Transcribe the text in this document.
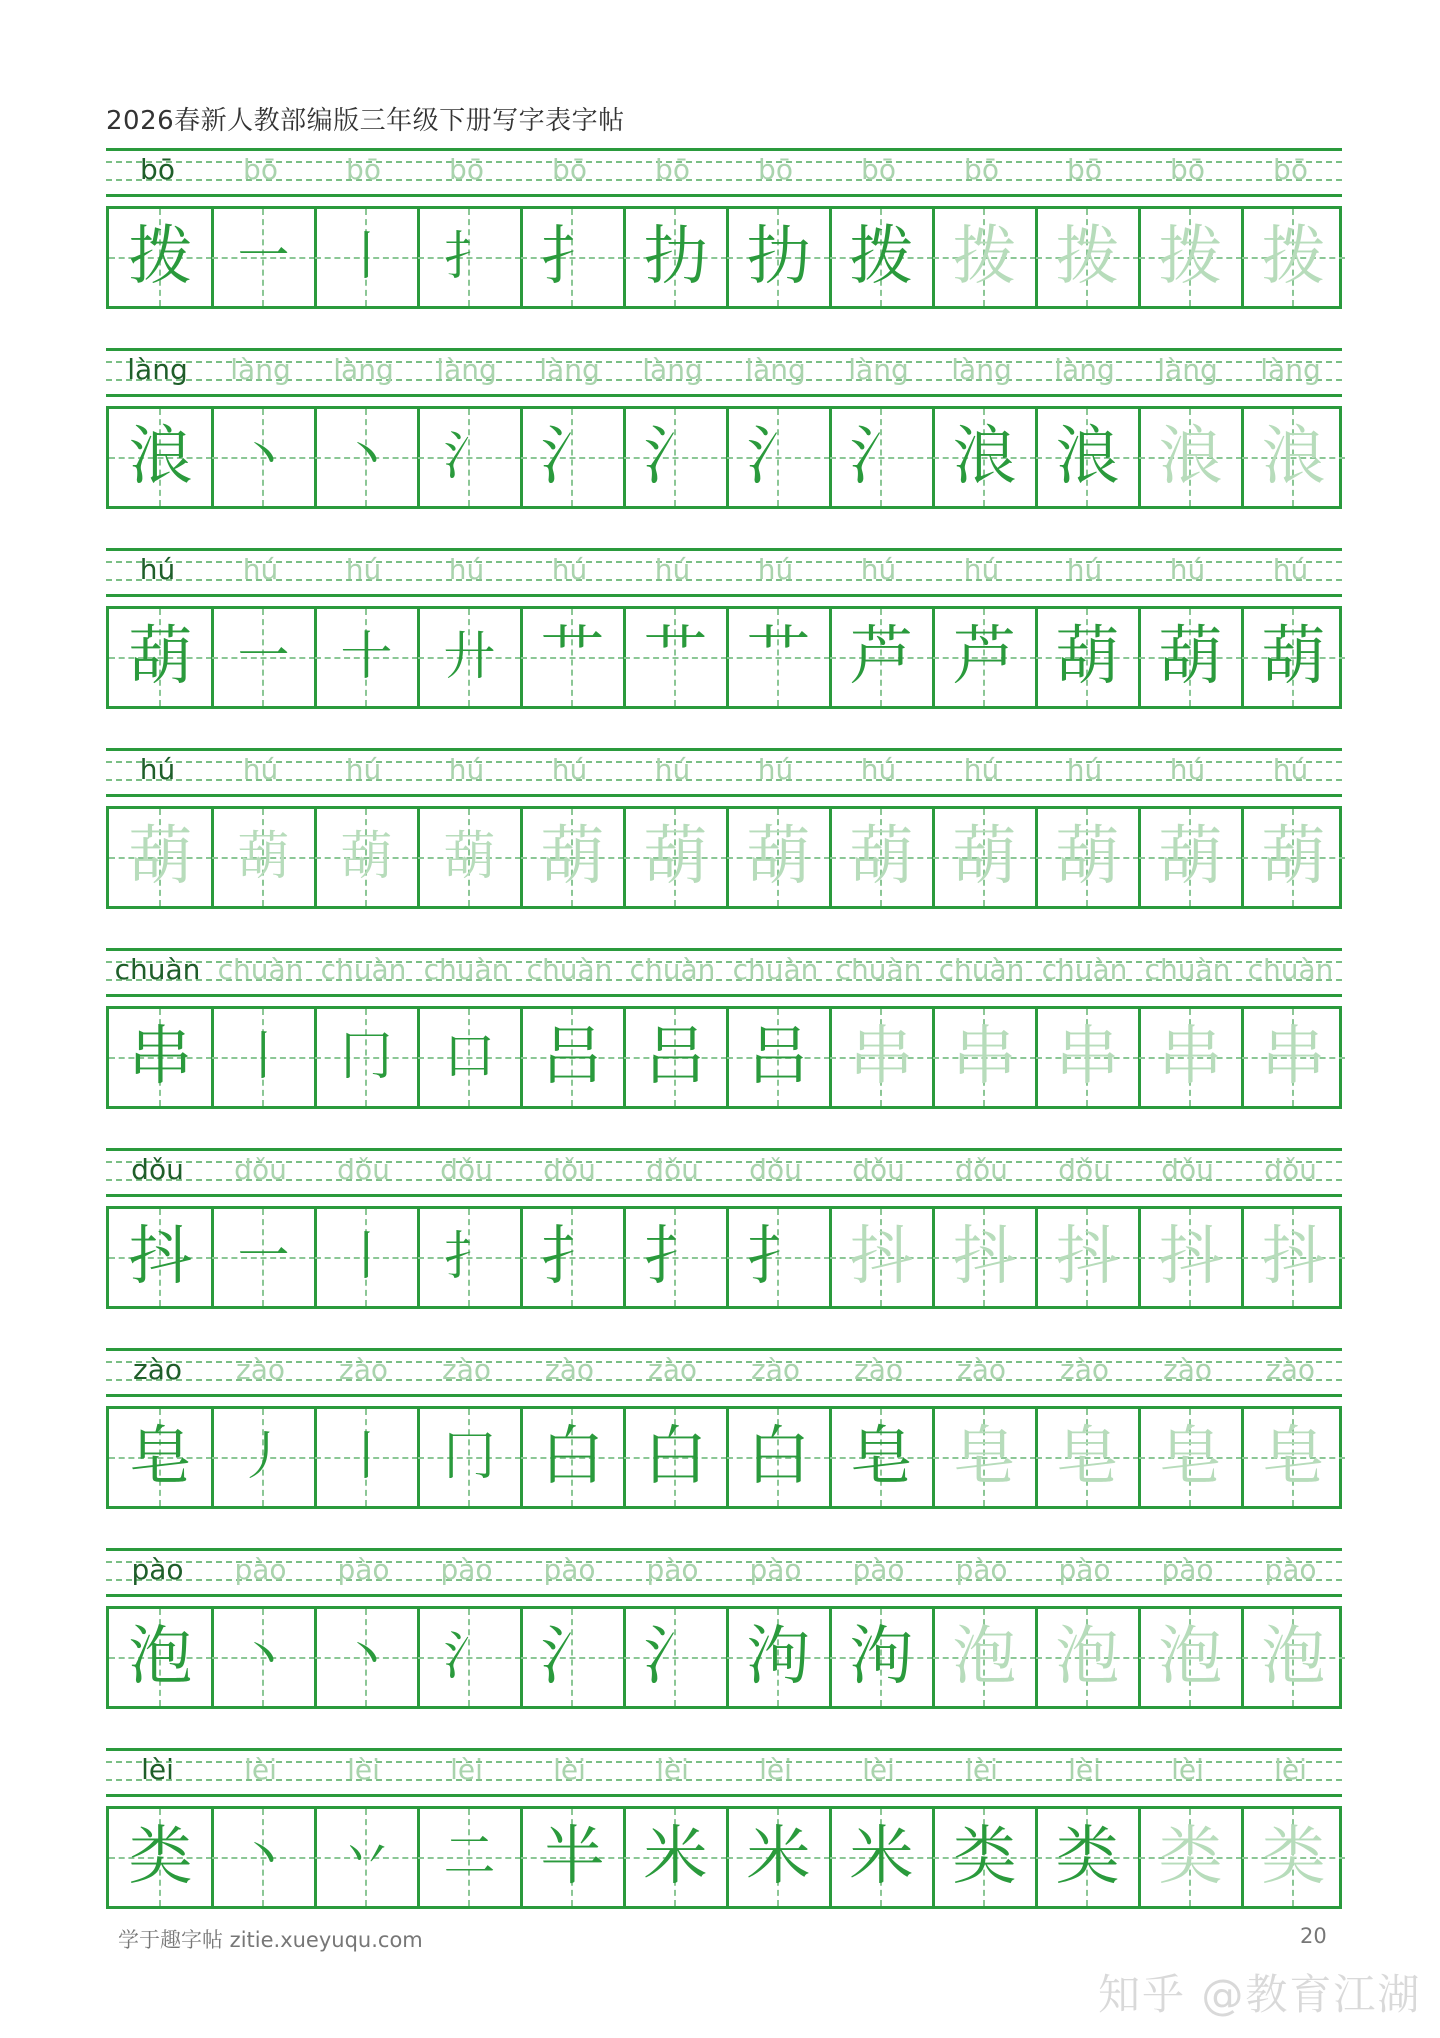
2026春新人教部编版三年级下册写字表字帖
bō	bō	bō	bō	bō	bō	bō	bō	bō	bō	bō	bō
拨 一 丨 扌 扌 扐 扐 拨 拨 拨 拨 拨
làng	làng	làng	làng	làng	làng	làng	làng	làng	làng	làng	làng
浪 丶 丶 氵 氵 氵 氵 氵 浪 浪 浪 浪
hú	hú	hú	hú	hú	hú	hú	hú	hú	hú	hú	hú
葫 一 十 廾 艹 艹 艹 芦 芦 葫 葫 葫
hú	hú	hú	hú	hú	hú	hú	hú	hú	hú	hú	hú
葫 葫 葫 葫 葫 葫 葫 葫 葫 葫 葫 葫
chuàn chuàn chuàn chuàn chuàn chuàn chuàn chuàn chuàn chuàn chuàn chuàn
串 丨 冂 口 吕 吕 吕 串 串 串 串 串
dǒu	dǒu	dǒu	dǒu	dǒu	dǒu	dǒu	dǒu	dǒu	dǒu	dǒu	dǒu
抖 一 丨 扌 扌 扌 扌 抖 抖 抖 抖 抖
zào	zào	zào	zào	zào	zào	zào	zào	zào	zào	zào	zào
皂 丿 丨 冂 白 白 白 皂 皂 皂 皂 皂
pào	pào	pào	pào	pào	pào	pào	pào	pào	pào	pào	pào
泡 丶 丶 氵 氵 氵 泃 泃 泡 泡 泡 泡
lèi	lèi	lèi	lèi	lèi	lèi	lèi	lèi	lèi	lèi	lèi	lèi
类 丶 丷 二 半 米 米 米 类 类 类 类
学于趣字帖 zitie.xueyuqu.com	20
知乎 @教育江湖
